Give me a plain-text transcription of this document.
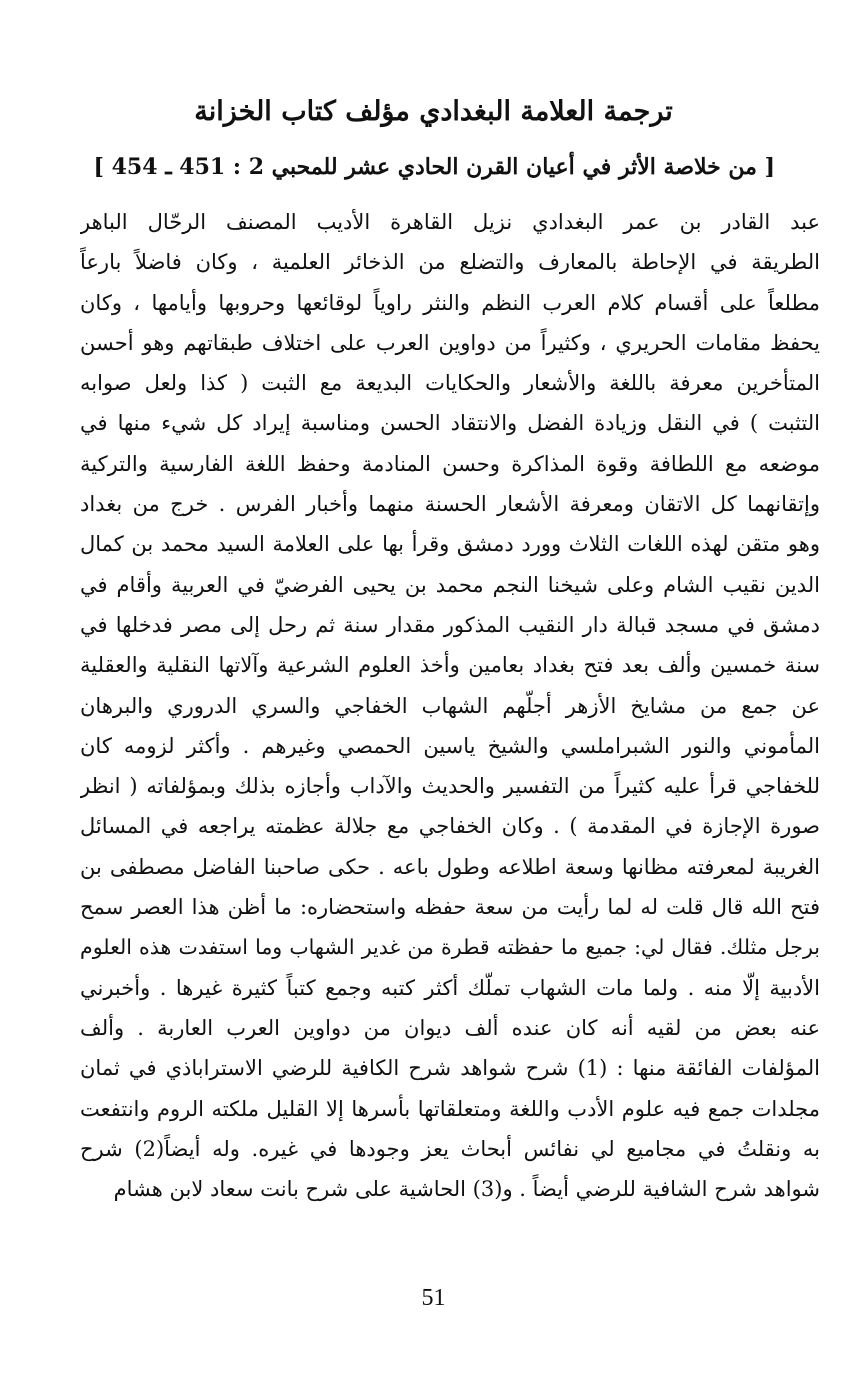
ترجمة العلامة البغدادي مؤلف كتاب الخزانة
[ من خلاصة الأثر في أعيان القرن الحادي عشر للمحبي 2 : 451 ـ 454 ]
عبد القادر بن عمر البغدادي نزيل القاهرة الأديب المصنف الرحّال الباهر
الطريقة في الإحاطة بالمعارف والتضلع من الذخائر العلمية ، وكان فاضلاً بارعاً
مطلعاً على أقسام كلام العرب النظم والنثر راوياً لوقائعها وحروبها وأيامها ، وكان
يحفظ مقامات الحريري ، وكثيراً من دواوين العرب على اختلاف طبقاتهم وهو أحسن
المتأخرين معرفة باللغة والأشعار والحكايات البديعة مع الثبت ( كذا ولعل صوابه
التثبت ) في النقل وزيادة الفضل والانتقاد الحسن ومناسبة إيراد كل شيء منها في
موضعه مع اللطافة وقوة المذاكرة وحسن المنادمة وحفظ اللغة الفارسية والتركية
وإتقانهما كل الاتقان ومعرفة الأشعار الحسنة منهما وأخبار الفرس . خرج من بغداد
وهو متقن لهذه اللغات الثلاث وورد دمشق وقرأ بها على العلامة السيد محمد بن كمال
الدين نقيب الشام وعلى شيخنا النجم محمد بن يحيى الفرضيّ في العربية وأقام في
دمشق في مسجد قبالة دار النقيب المذكور مقدار سنة ثم رحل إلى مصر فدخلها في
سنة خمسين وألف بعد فتح بغداد بعامين وأخذ العلوم الشرعية وآلاتها النقلية والعقلية
عن جمع من مشايخ الأزهر أجلّهم الشهاب الخفاجي والسري الدروري والبرهان
المأموني والنور الشبراملسي والشيخ ياسين الحمصي وغيرهم . وأكثر لزومه كان
للخفاجي قرأ عليه كثيراً من التفسير والحديث والآداب وأجازه بذلك وبمؤلفاته ( انظر
صورة الإجازة في المقدمة ) . وكان الخفاجي مع جلالة عظمته يراجعه في المسائل
الغريبة لمعرفته مظانها وسعة اطلاعه وطول باعه . حكى صاحبنا الفاضل مصطفى بن
فتح الله قال قلت له لما رأيت من سعة حفظه واستحضاره: ما أظن هذا العصر سمح
برجل مثلك. فقال لي: جميع ما حفظته قطرة من غدير الشهاب وما استفدت هذه العلوم
الأدبية إلّا منه . ولما مات الشهاب تملّك أكثر كتبه وجمع كتباً كثيرة غيرها . وأخبرني
عنه بعض من لقيه أنه كان عنده ألف ديوان من دواوين العرب العاربة . وألف
المؤلفات الفائقة منها : (1) شرح شواهد شرح الكافية للرضي الاستراباذي في ثمان
مجلدات جمع فيه علوم الأدب واللغة ومتعلقاتها بأسرها إلا القليل ملكته الروم وانتفعت
به ونقلتُ في مجاميع لي نفائس أبحاث يعز وجودها في غيره. وله أيضاً(2) شرح
شواهد شرح الشافية للرضي أيضاً . و(3) الحاشية على شرح بانت سعاد لابن هشام
51
